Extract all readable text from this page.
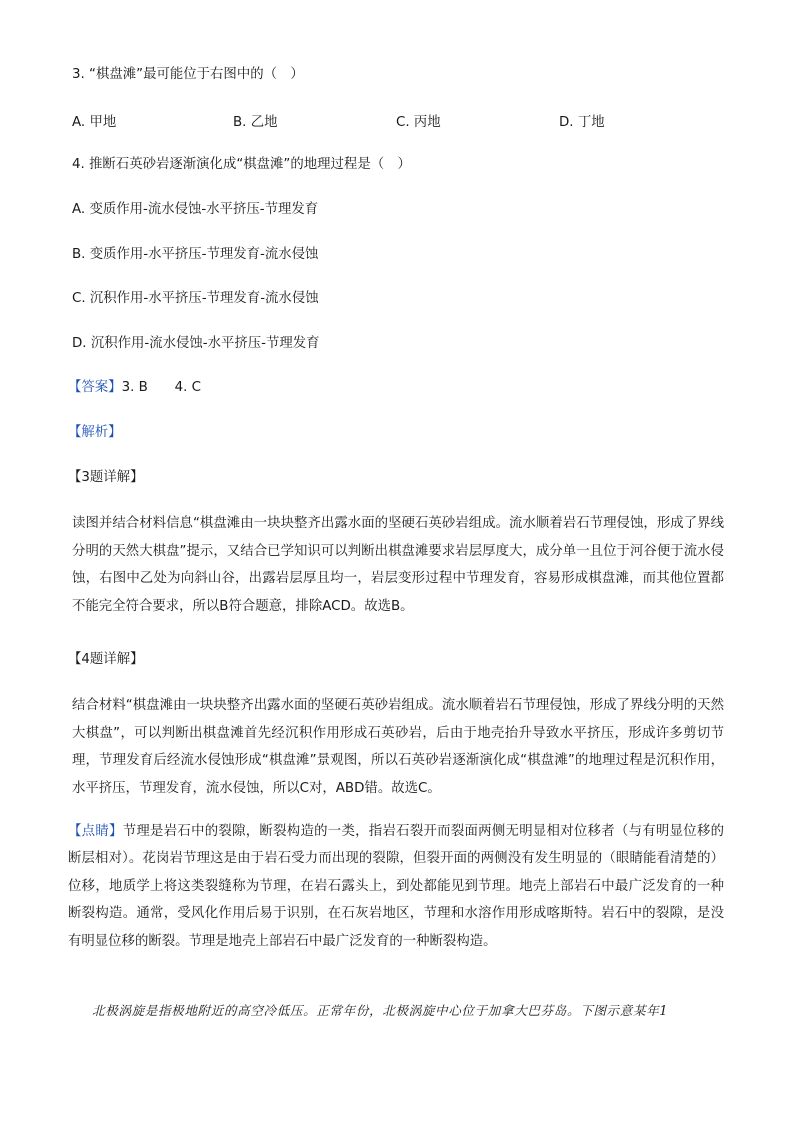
3. “棋盘滩”最可能位于右图中的（　）
A. 甲地	B. 乙地	C. 丙地	D. 丁地
4. 推断石英砂岩逐渐演化成“棋盘滩”的地理过程是（　）
A. 变质作用-流水侵蚀-水平挤压-节理发育
B. 变质作用-水平挤压-节理发育-流水侵蚀
C. 沉积作用-水平挤压-节理发育-流水侵蚀
D. 沉积作用-流水侵蚀-水平挤压-节理发育
【答案】3. B　　4. C
【解析】
【3题详解】
读图并结合材料信息“棋盘滩由一块块整齐出露水面的坚硬石英砂岩组成。流水顺着岩石节理侵蚀，形成了界线分明的天然大棋盘”提示，又结合已学知识可以判断出棋盘滩要求岩层厚度大，成分单一且位于河谷便于流水侵蚀，右图中乙处为向斜山谷，出露岩层厚且均一，岩层变形过程中节理发育，容易形成棋盘滩，而其他位置都不能完全符合要求，所以B符合题意，排除ACD。故选B。
【4题详解】
结合材料“棋盘滩由一块块整齐出露水面的坚硬石英砂岩组成。流水顺着岩石节理侵蚀，形成了界线分明的天然大棋盘”，可以判断出棋盘滩首先经沉积作用形成石英砂岩，后由于地壳抬升导致水平挤压，形成许多剪切节理，节理发育后经流水侵蚀形成“棋盘滩”景观图，所以石英砂岩逐渐演化成“棋盘滩”的地理过程是沉积作用，水平挤压，节理发育，流水侵蚀，所以C对，ABD错。故选C。
【点睛】节理是岩石中的裂隙，断裂构造的一类，指岩石裂开而裂面两侧无明显相对位移者（与有明显位移的断层相对）。花岗岩节理这是由于岩石受力而出现的裂隙，但裂开面的两侧没有发生明显的（眼睛能看清楚的）位移，地质学上将这类裂缝称为节理，在岩石露头上，到处都能见到节理。地壳上部岩石中最广泛发育的一种断裂构造。通常，受风化作用后易于识别，在石灰岩地区，节理和水溶作用形成喀斯特。岩石中的裂隙，是没有明显位移的断裂。节理是地壳上部岩石中最广泛发育的一种断裂构造。
北极涡旋是指极地附近的高空冷低压。正常年份，北极涡旋中心位于加拿大巴芬岛。下图示意某年1
